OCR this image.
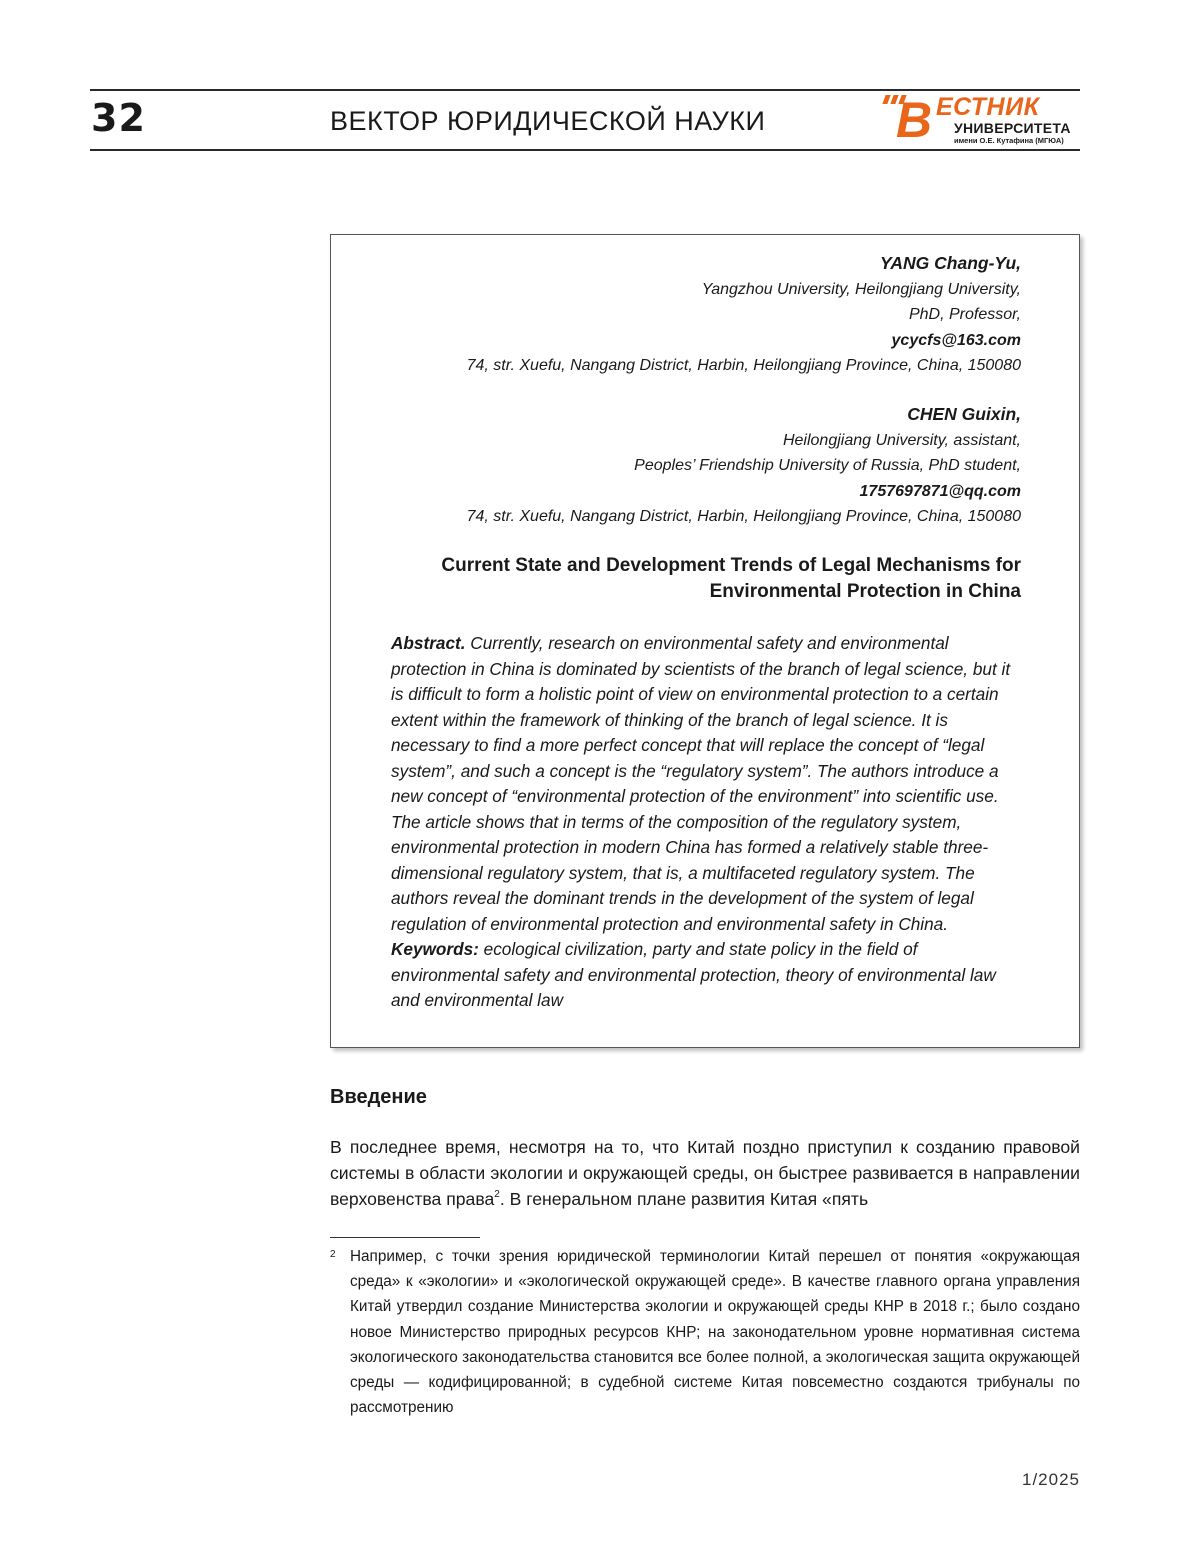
32	ВЕКТОР ЮРИДИЧЕСКОЙ НАУКИ	В ЕСТНИК
УНИВЕРСИТЕТА
имени О.Е. Кутафина (МГЮА)
YANG Chang-Yu,
Yangzhou University, Heilongjiang University,
PhD, Professor,
ycycfs@163.com
74, str. Xuefu, Nangang District, Harbin, Heilongjiang Province, China, 150080
CHEN Guixin,
Heilongjiang University, assistant,
Peoples’ Friendship University of Russia, PhD student,
1757697871@qq.com
74, str. Xuefu, Nangang District, Harbin, Heilongjiang Province, China, 150080
Current State and Development Trends of Legal Mechanisms for Environmental Protection in China

Abstract. Currently, research on environmental safety and environmental protection in China is dominated by scientists of the branch of legal science, but it is difficult to form a holistic point of view on environmental protection to a certain extent within the framework of thinking of the branch of legal science. It is necessary to find a more perfect concept that will replace the concept of “legal system”, and such a concept is the “regulatory system”. The authors introduce a new concept of “environmental protection of the environment” into scientific use.

The article shows that in terms of the composition of the regulatory system, environmental protection in modern China has formed a relatively stable three-dimensional regulatory system, that is, a multifaceted regulatory system. The authors reveal the dominant trends in the development of the system of legal regulation of environmental protection and environmental safety in China.

Keywords: ecological civilization, party and state policy in the field of environmental safety and environmental protection, theory of environmental law and environmental law

Введение

В последнее время, несмотря на то, что Китай поздно приступил к созданию правовой системы в области экологии и окружающей среды, он быстрее развивается в направлении верховенства права2. В генеральном плане развития Китая «пять

2 Например, с точки зрения юридической терминологии Китай перешел от понятия «окружающая среда» к «экологии» и «экологической окружающей среде». В качестве главного органа управления Китай утвердил создание Министерства экологии и окружающей среды КНР в 2018 г.; было создано новое Министерство природных ресурсов КНР; на законодательном уровне нормативная система экологического законодательства становится все более полной, а экологическая защита окружающей среды — кодифицированной; в судебной системе Китая повсеместно создаются трибуналы по рассмотрению
1/2025
